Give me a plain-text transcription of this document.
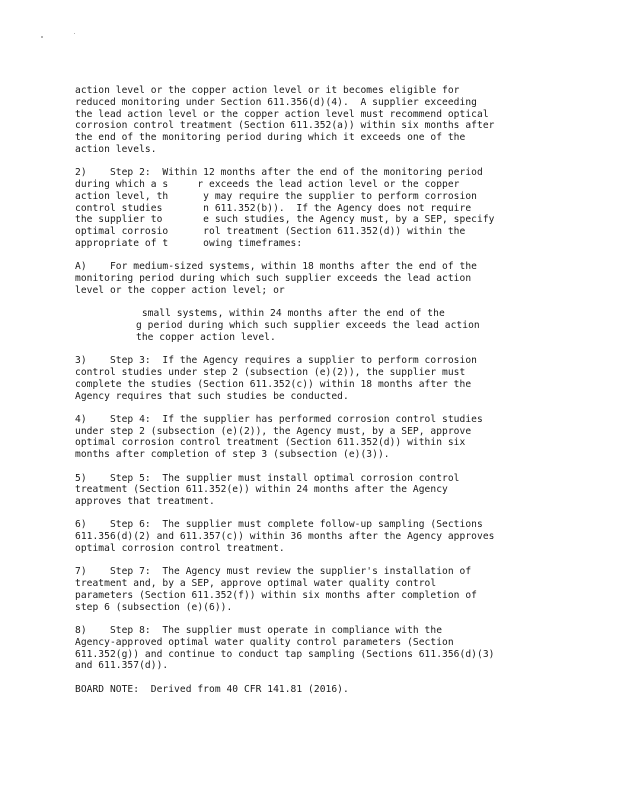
action level or the copper action level or it becomes eligible for
reduced monitoring under Section 611.356(d)(4).  A supplier exceeding
the lead action level or the copper action level must recommend optical
corrosion control treatment (Section 611.352(a)) within six months after
the end of the monitoring period during which it exceeds one of the
action levels.
2)    Step 2:  Within 12 months after the end of the monitoring period
during which a s     r exceeds the lead action level or the copper
action level, th      y may require the supplier to perform corrosion
control studies       n 611.352(b)).  If the Agency does not require
the supplier to       e such studies, the Agency must, by a SEP, specify
optimal corrosio      rol treatment (Section 611.352(d)) within the
appropriate of t      owing timeframes:
A)    For medium-sized systems, within 18 months after the end of the
monitoring period during which such supplier exceeds the lead action
level or the copper action level; or
small systems, within 24 months after the end of the
g period during which such supplier exceeds the lead action
the copper action level.
3)    Step 3:  If the Agency requires a supplier to perform corrosion
control studies under step 2 (subsection (e)(2)), the supplier must
complete the studies (Section 611.352(c)) within 18 months after the
Agency requires that such studies be conducted.
4)    Step 4:  If the supplier has performed corrosion control studies
under step 2 (subsection (e)(2)), the Agency must, by a SEP, approve
optimal corrosion control treatment (Section 611.352(d)) within six
months after completion of step 3 (subsection (e)(3)).
5)    Step 5:  The supplier must install optimal corrosion control
treatment (Section 611.352(e)) within 24 months after the Agency
approves that treatment.
6)    Step 6:  The supplier must complete follow-up sampling (Sections
611.356(d)(2) and 611.357(c)) within 36 months after the Agency approves
optimal corrosion control treatment.
7)    Step 7:  The Agency must review the supplier's installation of
treatment and, by a SEP, approve optimal water quality control
parameters (Section 611.352(f)) within six months after completion of
step 6 (subsection (e)(6)).
8)    Step 8:  The supplier must operate in compliance with the
Agency-approved optimal water quality control parameters (Section
611.352(g)) and continue to conduct tap sampling (Sections 611.356(d)(3)
and 611.357(d)).
BOARD NOTE:  Derived from 40 CFR 141.81 (2016).
